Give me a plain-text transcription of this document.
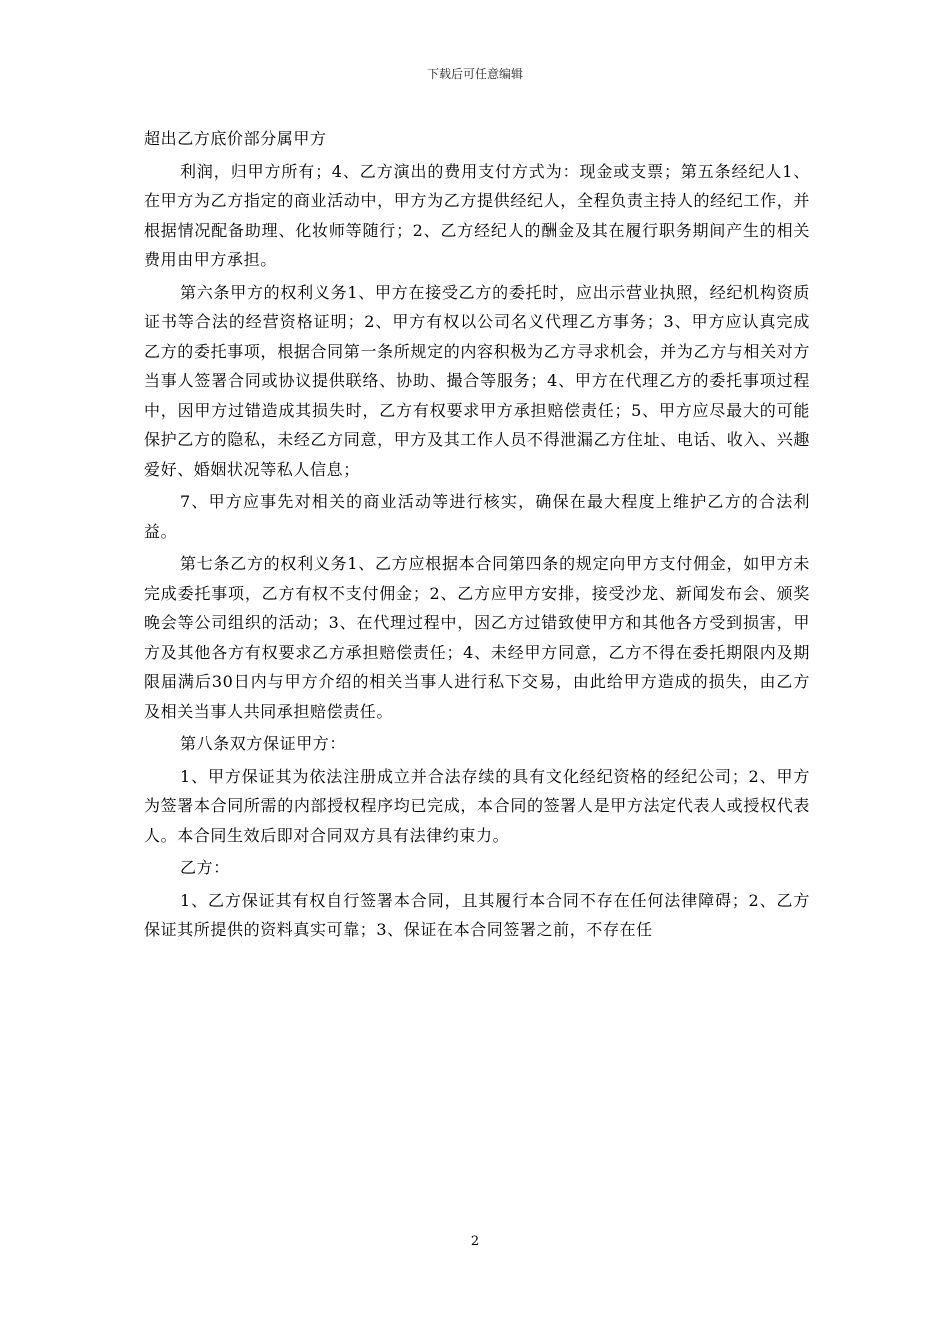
下载后可任意编辑

超出乙方底价部分属甲方

利润，归甲方所有；4、乙方演出的费用支付方式为：现金或支票；第五条经纪人1、在甲方为乙方指定的商业活动中，甲方为乙方提供经纪人，全程负责主持人的经纪工作，并根据情况配备助理、化妆师等随行；2、乙方经纪人的酬金及其在履行职务期间产生的相关费用由甲方承担。

第六条甲方的权利义务1、甲方在接受乙方的委托时，应出示营业执照，经纪机构资质证书等合法的经营资格证明；2、甲方有权以公司名义代理乙方事务；3、甲方应认真完成乙方的委托事项，根据合同第一条所规定的内容积极为乙方寻求机会，并为乙方与相关对方当事人签署合同或协议提供联络、协助、撮合等服务；4、甲方在代理乙方的委托事项过程中，因甲方过错造成其损失时，乙方有权要求甲方承担赔偿责任；5、甲方应尽最大的可能保护乙方的隐私，未经乙方同意，甲方及其工作人员不得泄漏乙方住址、电话、收入、兴趣爱好、婚姻状况等私人信息；

7、甲方应事先对相关的商业活动等进行核实，确保在最大程度上维护乙方的合法利益。

第七条乙方的权利义务1、乙方应根据本合同第四条的规定向甲方支付佣金，如甲方未完成委托事项，乙方有权不支付佣金；2、乙方应甲方安排，接受沙龙、新闻发布会、颁奖晚会等公司组织的活动；3、在代理过程中，因乙方过错致使甲方和其他各方受到损害，甲方及其他各方有权要求乙方承担赔偿责任；4、未经甲方同意，乙方不得在委托期限内及期限届满后30日内与甲方介绍的相关当事人进行私下交易，由此给甲方造成的损失，由乙方及相关当事人共同承担赔偿责任。

第八条双方保证甲方：

1、甲方保证其为依法注册成立并合法存续的具有文化经纪资格的经纪公司；2、甲方为签署本合同所需的内部授权程序均已完成，本合同的签署人是甲方法定代表人或授权代表人。本合同生效后即对合同双方具有法律约束力。

乙方：

1、乙方保证其有权自行签署本合同，且其履行本合同不存在任何法律障碍；2、乙方保证其所提供的资料真实可靠；3、保证在本合同签署之前，不存在任

2
